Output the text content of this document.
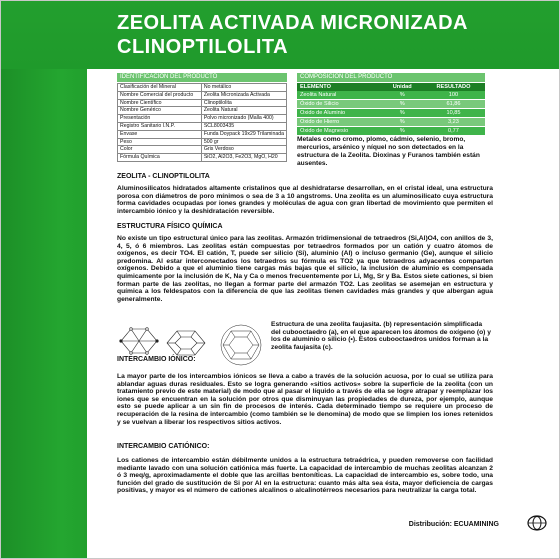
ZEOLITA ACTIVADA MICRONIZADA
CLINOPTILOLITA
IDENTIFICACIÓN DEL PRODUCTO
Clasificación del Mineral	No metálico
Nombre Comercial del producto	Zeolita Micronizada Activada
Nombre Científico	Clinoptilolita
Nombre Genérico	Zeolita Natural
Presentación	Polvo micronizado (Malla 400)
Registro Sanitario I.N.P.	SCL8003435
Envase	Funda Doypack 19x29 Trilaminada
Peso	500 gr
Color	Gris Verdoso
Fórmula Química	SiO2, Al2O3, Fe2O3, MgO, H20
COMPOSICIÓN DEL PRODUCTO
ELEMENTO	Unidad	RESULTADO
Zeolita Natural	%	100
Óxido de Silicio	%	61,86
Oxido de Aluminio	%	10,85
Oxido de Hierro	%	3,23
Oxido de Magnesio	%	0,77
Metales como cromo, plomo, cádmio, selenio, bromo, mercurios, arsénico y níquel no son detectados en la estructura de la Zeolita. Dioxinas y Furanos también están ausentes.
ZEOLITA - CLINOPTILOLITA
Aluminosilicatos hidratados altamente cristalinos que al deshidratarse desarrollan, en el cristal ideal, una estructura porosa con diámetros de poro mínimos o sea de 3 a 10 angstroms. Una zeolita es un aluminosilicato cuya estructura forma cavidades ocupadas por iones grandes y moléculas de agua con gran libertad de movimiento que permiten el intercambio iónico y la deshidratación reversible.
ESTRUCTURA FÍSICO QUÍMICA
No existe un tipo estructural único para las zeolitas. Armazón tridimensional de tetraedros (Si,Al)O4, con anillos de 3, 4, 5, ó 6 miembros. Las zeolitas están compuestas por tetraedros formados por un catión y cuatro átomos de oxígenos, es decir TO4. El catión, T, puede ser silicio (Si), aluminio (Al) o incluso germanio (Ge), aunque el silicio predomina. Al estar interconectados los tetraedros su fórmula es TO2 ya que tetraedros adyacentes comparten oxígenos. Debido a que el aluminio tiene cargas más bajas que el silicio, la inclusión de aluminio es compensada químicamente por la inclusión de K, Na y Ca o menos frecuentemente por Li, Mg, Sr y Ba. Estos siete cationes, si bien forman parte de las zeolitas, no llegan a formar parte del armazón TO2. Las zeolitas se asemejan en estructura y química a los feldespatos con la diferencia de que las zeolitas tienen cavidades más grandes y que albergan agua generalmente.
Estructura de una zeolita faujasita. (b) representación simplificada del cubooctaedro (a), en el que aparecen los átomos de oxígeno (o) y los de aluminio o silicio (•). Estos cubooctaedros unidos forman a la zeolita faujasita (c).
INTERCAMBIO IÓNICO:
La mayor parte de los intercambios iónicos se lleva a cabo a través de la solución acuosa, por lo cual se utiliza para ablandar aguas duras residuales. Esto se logra generando «sitios activos» sobre la superficie de la zeolita (con un tratamiento previo de este material) de modo que al pasar el líquido a través de ella se logre atrapar y reemplazar los iones que se encuentran en la solución por otros que disminuyan las propiedades de dureza, por ejemplo, aunque esto se puede aplicar a un sin fin de procesos de interés. Cada determinado tiempo se requiere un proceso de recuperación de la resina de intercambio (como también se le denomina) de modo que se limpien los iones retenidos y se vuelvan a liberar los respectivos sitios activos.
INTERCAMBIO CATIÓNICO:
Los cationes de intercambio están débilmente unidos a la estructura tetraédrica, y pueden removerse con facilidad mediante lavado con una solución catiónica más fuerte. La capacidad de intercambio de muchas zeolitas alcanzan 2 ó 3 meq/g, aproximadamente el doble que las arcillas bentoníticas. La capacidad de intercambio es, sobre todo, una función del grado de sustitución de Si por Al en la estructura: cuanto más alta sea ésta, mayor deficiencia de cargas positivas, y mayor es el número de cationes alcalinos o alcalinotérreos necesarios para neutralizar la carga total.
Distribución: ECUAMINING
